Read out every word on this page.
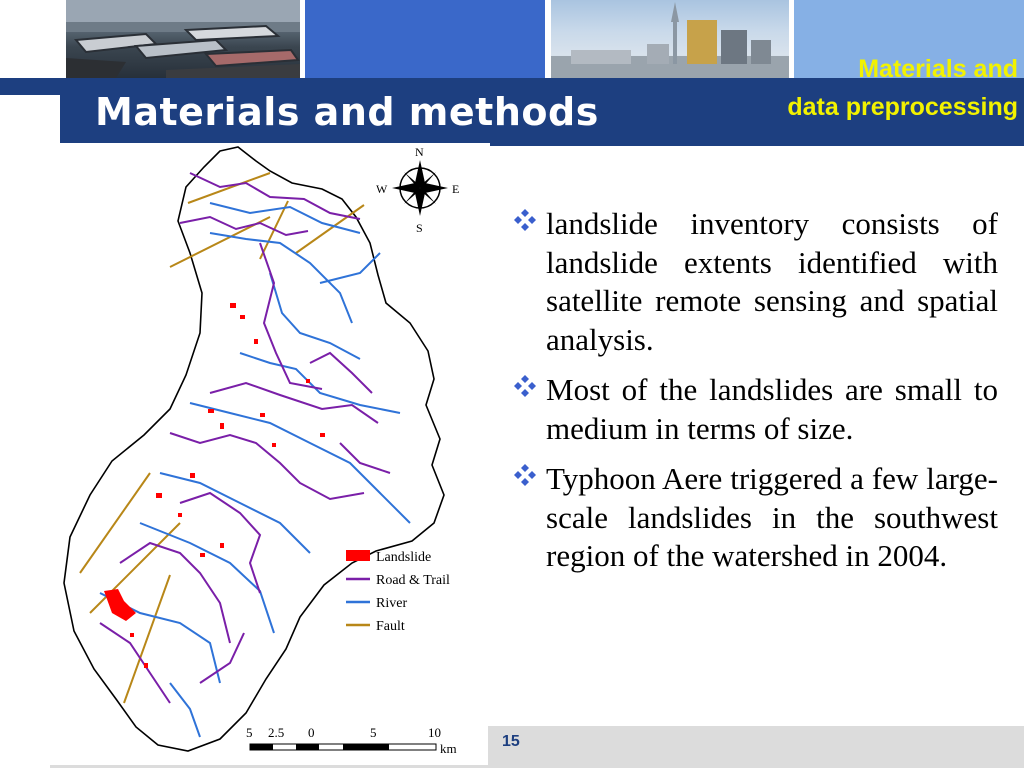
Materials and methods
Materials and
data preprocessing
N
S
E
W
Landslide
Road & Trail
River
Fault
5 2.5 0	5	10
km
landslide inventory consists of landslide extents identified with satellite remote sensing and spatial analysis.
Most of the landslides are small to medium in terms of size.
Typhoon Aere triggered a few large-scale landslides in the southwest region of the watershed in 2004.
15
